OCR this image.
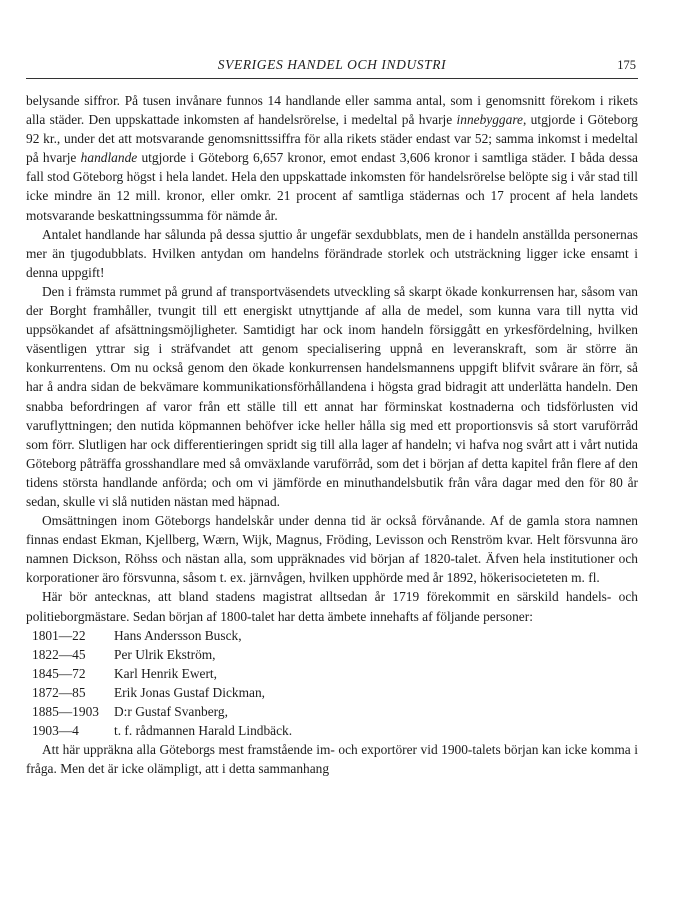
SVERIGES HANDEL OCH INDUSTRI	175

belysande siffror. På tusen invånare funnos 14 handlande eller samma antal, som i genomsnitt förekom i rikets alla städer. Den uppskattade inkomsten af handelsrörelse, i medeltal på hvarje innebyggare, utgjorde i Göteborg 92 kr., under det att motsvarande genomsnittssiffra för alla rikets städer endast var 52; samma inkomst i medeltal på hvarje handlande utgjorde i Göteborg 6,657 kronor, emot endast 3,606 kronor i samtliga städer. I båda dessa fall stod Göteborg högst i hela landet. Hela den uppskattade inkomsten för handelsrörelse belöpte sig i vår stad till icke mindre än 12 mill. kronor, eller omkr. 21 procent af samtliga städernas och 17 procent af hela landets motsvarande beskattningssumma för nämde år.

Antalet handlande har sålunda på dessa sjuttio år ungefär sexdubblats, men de i handeln anställda personernas mer än tjugodubblats. Hvilken antydan om handelns förändrade storlek och utsträckning ligger icke ensamt i denna uppgift!

Den i främsta rummet på grund af transportväsendets utveckling så skarpt ökade konkurrensen har, såsom van der Borght framhåller, tvungit till ett energiskt utnyttjande af alla de medel, som kunna vara till nytta vid uppsökandet af afsättningsmöjligheter. Samtidigt har ock inom handeln försiggått en yrkesfördelning, hvilken väsentligen yttrar sig i sträfvandet att genom specialisering uppnå en leveranskraft, som är större än konkurrentens. Om nu också genom den ökade konkurrensen handelsmannens uppgift blifvit svårare än förr, så har å andra sidan de bekvämare kommunikationsförhållandena i högsta grad bidragit att underlätta handeln. Den snabba befordringen af varor från ett ställe till ett annat har förminskat kostnaderna och tidsförlusten vid varuflyttningen; den nutida köpmannen behöfver icke heller hålla sig med ett proportionsvis så stort varuförråd som förr. Slutligen har ock differentieringen spridt sig till alla lager af handeln; vi hafva nog svårt att i vårt nutida Göteborg påträffa grosshandlare med så omväxlande varuförråd, som det i början af detta kapitel från flere af den tidens största handlande anförda; och om vi jämförde en minuthandelsbutik från våra dagar med den för 80 år sedan, skulle vi slå nutiden nästan med häpnad.

Omsättningen inom Göteborgs handelskår under denna tid är också förvånande. Af de gamla stora namnen finnas endast Ekman, Kjellberg, Wærn, Wijk, Magnus, Fröding, Levisson och Renström kvar. Helt försvunna äro namnen Dickson, Röhss och nästan alla, som uppräknades vid början af 1820-talet. Äfven hela institutioner och korporationer äro försvunna, såsom t. ex. järnvågen, hvilken upphörde med år 1892, hökerisocieteten m. fl.

Här bör antecknas, att bland stadens magistrat alltsedan år 1719 förekommit en särskild handels- och politieborgmästare. Sedan början af 1800-talet har detta ämbete innehafts af följande personer:

1801—22	Hans Andersson Busck,
1822—45	Per Ulrik Ekström,
1845—72	Karl Henrik Ewert,
1872—85	Erik Jonas Gustaf Dickman,
1885—1903	D:r Gustaf Svanberg,
1903—4	t. f. rådmannen Harald Lindbäck.

Att här uppräkna alla Göteborgs mest framstående im- och exportörer vid 1900-talets början kan icke komma i fråga. Men det är icke olämpligt, att i detta sammanhang
